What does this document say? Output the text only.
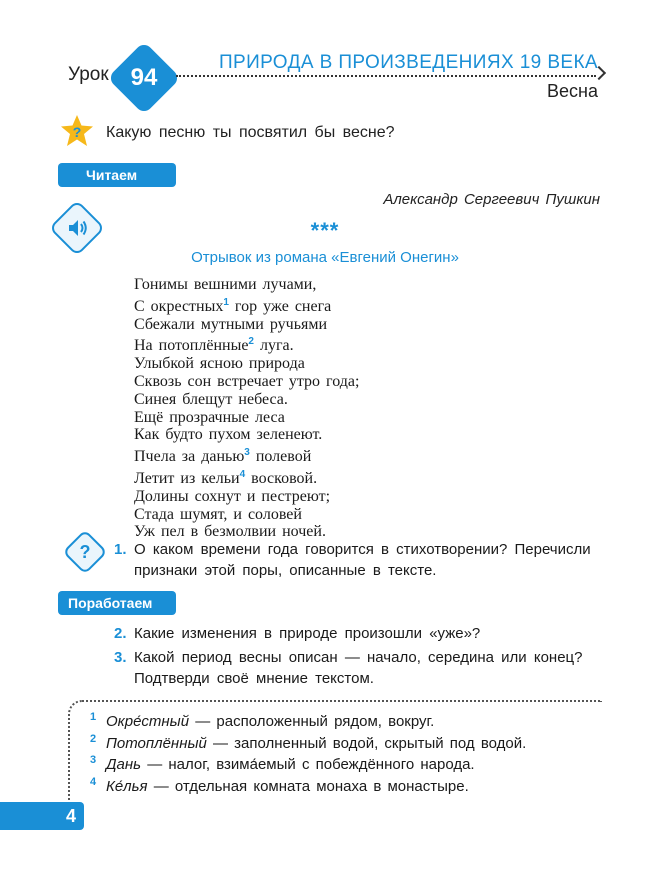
Урок 94
ПРИРОДА В ПРОИЗВЕДЕНИЯХ 19 ВЕКА
Весна
? Какую песню ты посвятил бы весне?
Читаем
Александр Сергеевич Пушкин
***
Отрывок из романа «Евгений Онегин»
Гонимы вешними лучами,
С окрестных$^1$ гор уже снега
Сбежали мутными ручьями
На потоплённые$^2$ луга.
Улыбкой ясною природа
Сквозь сон встречает утро года;
Синея блещут небеса.
Ещё прозрачные леса
Как будто пухом зеленеют.
Пчела за данью$^3$ полевой
Летит из кельи$^4$ восковой.
Долины сохнут и пестреют;
Стада шумят, и соловей
Уж пел в безмолвии ночей.
?	1. О каком времени года говорится в стихотворении? Перечисли признаки этой поры, описанные в тексте.
Поработаем
2. Какие изменения в природе произошли «уже»?
3. Какой период весны описан — начало, середина или конец? Подтверди своё мнение текстом.
1 Окре́стный — расположенный рядом, вокруг.
2 Потоплённый — заполненный водой, скрытый под водой.
3 Дань — налог, взима́емый с побеждённого народа.
4 Ке́лья — отдельная комната монаха в монастыре.
4
